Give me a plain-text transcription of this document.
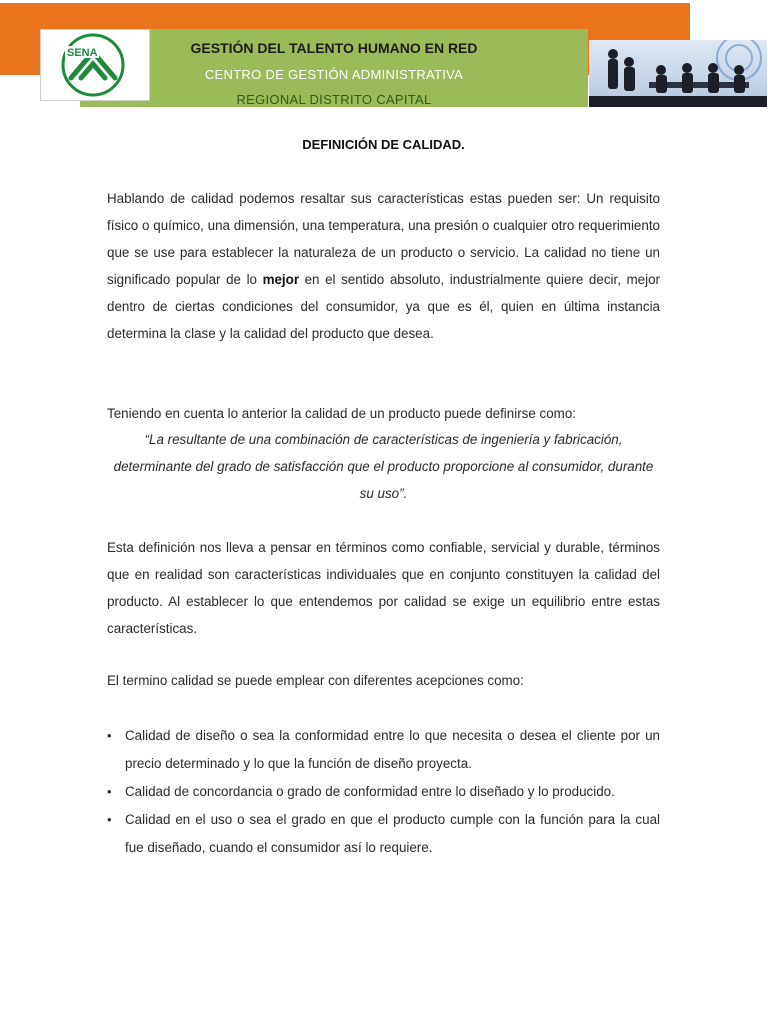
SENA	GESTIÓN DEL TALENTO HUMANO EN RED
CENTRO DE GESTIÓN ADMINISTRATIVA
REGIONAL DISTRITO CAPITAL
DEFINICIÓN DE CALIDAD.

Hablando de calidad podemos resaltar sus características estas pueden ser: Un requisito físico o químico, una dimensión, una temperatura, una presión o cualquier otro requerimiento que se use para establecer la naturaleza de un producto o servicio. La calidad no tiene un significado popular de lo mejor en el sentido absoluto, industrialmente quiere decir, mejor dentro de ciertas condiciones del consumidor, ya que es él, quien en última instancia determina la clase y la calidad del producto que desea.

Teniendo en cuenta lo anterior la calidad de un producto puede definirse como:

“La resultante de una combinación de características de ingeniería y fabricación, determinante del grado de satisfacción que el producto proporcione al consumidor, durante su uso”.

Esta definición nos lleva a pensar en términos como confiable, servicial y durable, términos que en realidad son características individuales que en conjunto constituyen la calidad del producto. Al establecer lo que entendemos por calidad se exige un equilibrio entre estas características.

El termino calidad se puede emplear con diferentes acepciones como:

• Calidad de diseño o sea la conformidad entre lo que necesita o desea el cliente por un precio determinado y lo que la función de diseño proyecta.
• Calidad de concordancia o grado de conformidad entre lo diseñado y lo producido.
• Calidad en el uso o sea el grado en que el producto cumple con la función para la cual fue diseñado, cuando el consumidor así lo requiere.
